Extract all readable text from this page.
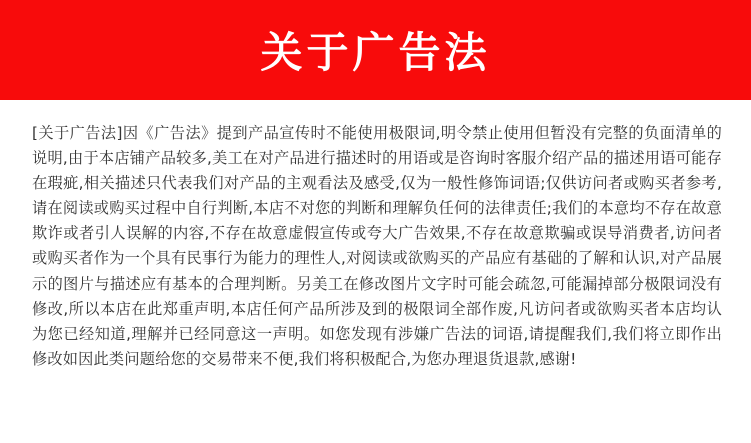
关于广告法

[关于广告法]因《广告法》提到产品宣传时不能使用极限词,明令禁止使用但暂没有完整的负面清单的说明,由于本店铺产品较多,美工在对产品进行描述时的用语或是咨询时客服介绍产品的描述用语可能存在瑕疵,相关描述只代表我们对产品的主观看法及感受,仅为一般性修饰词语;仅供访问者或购买者参考,请在阅读或购买过程中自行判断,本店不对您的判断和理解负任何的法律责任;我们的本意均不存在故意欺诈或者引人误解的内容,不存在故意虚假宣传或夸大广告效果,不存在故意欺骗或误导消费者,访问者或购买者作为一个具有民事行为能力的理性人,对阅读或欲购买的产品应有基础的了解和认识,对产品展示的图片与描述应有基本的合理判断。另美工在修改图片文字时可能会疏忽,可能漏掉部分极限词没有修改,所以本店在此郑重声明,本店任何产品所涉及到的极限词全部作废,凡访问者或欲购买者本店均认为您已经知道,理解并已经同意这一声明。如您发现有涉嫌广告法的词语,请提醒我们,我们将立即作出修改如因此类问题给您的交易带来不便,我们将积极配合,为您办理退货退款,感谢!
